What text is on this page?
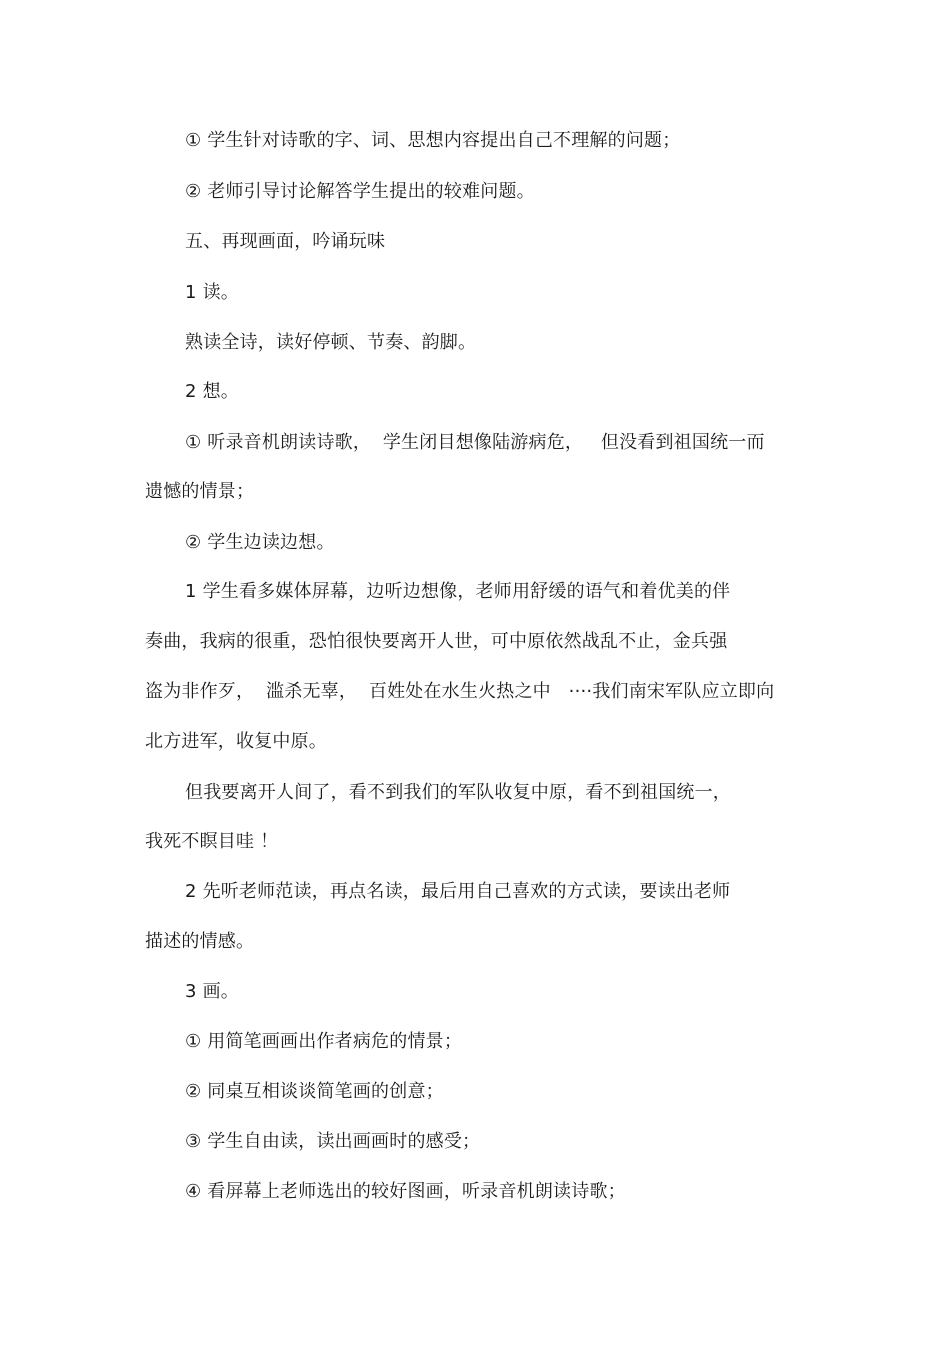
① 学生针对诗歌的字、词、思想内容提出自己不理解的问题；
② 老师引导讨论解答学生提出的较难问题。
五、再现画面，吟诵玩味
1 读。
熟读全诗，读好停顿、节奏、韵脚。
2 想。
① 听录音机朗读诗歌，  学生闭目想像陆游病危，   但没看到祖国统一而
遗憾的情景；
② 学生边读边想。
1 学生看多媒体屏幕，边听边想像，老师用舒缓的语气和着优美的伴
奏曲，我病的很重，恐怕很快要离开人世，可中原依然战乱不止，金兵强
盗为非作歹，  滥杀无辜，  百姓处在水生火热之中   ····我们南宋军队应立即向
北方进军，收复中原。
但我要离开人间了，看不到我们的军队收复中原，看不到祖国统一，
我死不瞑目哇 ！
2 先听老师范读，再点名读，最后用自己喜欢的方式读，要读出老师
描述的情感。
3 画。
① 用简笔画画出作者病危的情景；
② 同桌互相谈谈简笔画的创意；
③ 学生自由读，读出画画时的感受；
④ 看屏幕上老师选出的较好图画，听录音机朗读诗歌；
